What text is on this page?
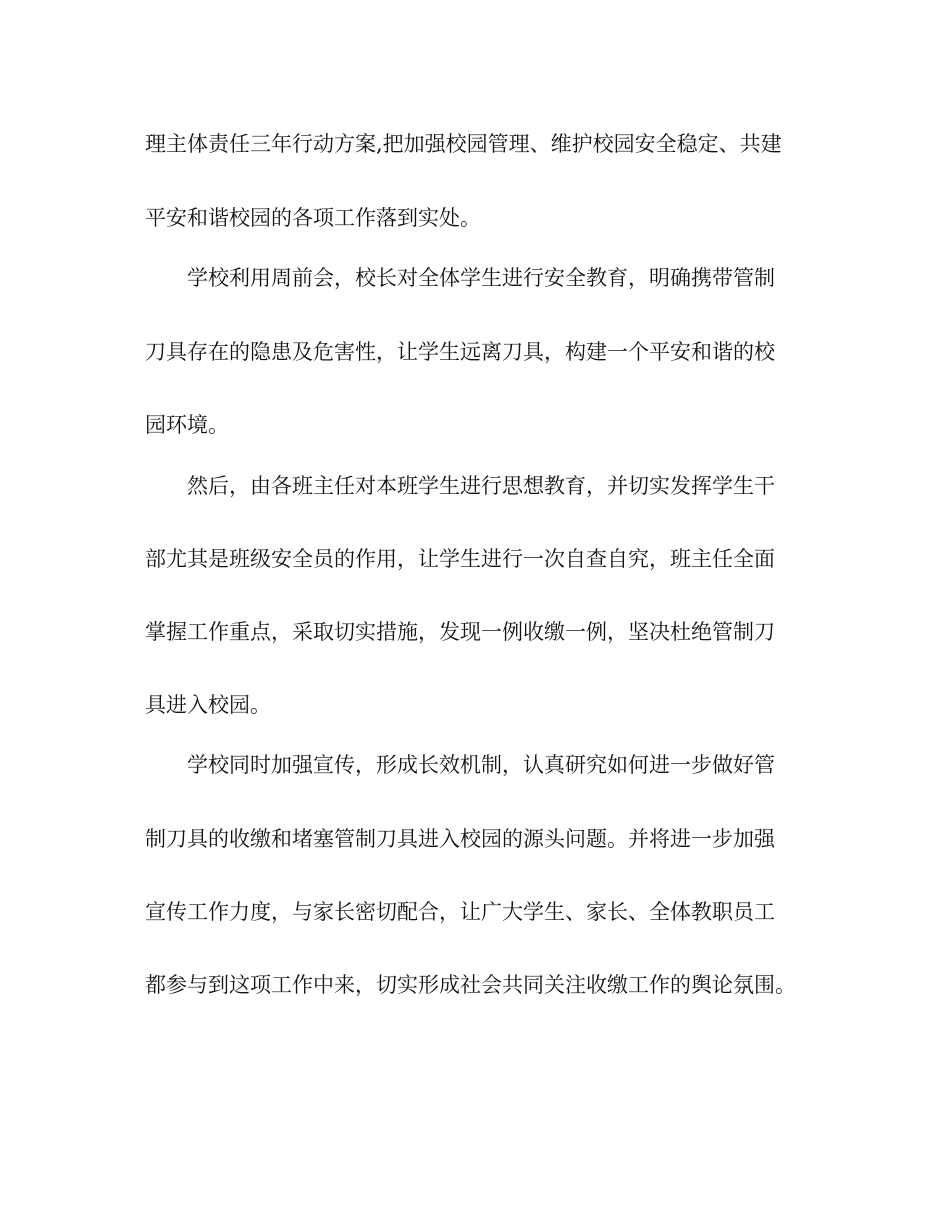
理主体责任三年行动方案,把加强校园管理、维护校园安全稳定、共建
平安和谐校园的各项工作落到实处。
学校利用周前会，校长对全体学生进行安全教育，明确携带管制
刀具存在的隐患及危害性，让学生远离刀具，构建一个平安和谐的校
园环境。
然后，由各班主任对本班学生进行思想教育，并切实发挥学生干
部尤其是班级安全员的作用，让学生进行一次自查自究，班主任全面
掌握工作重点，采取切实措施，发现一例收缴一例，坚决杜绝管制刀
具进入校园。
学校同时加强宣传，形成长效机制，认真研究如何进一步做好管
制刀具的收缴和堵塞管制刀具进入校园的源头问题。并将进一步加强
宣传工作力度，与家长密切配合，让广大学生、家长、全体教职员工
都参与到这项工作中来，切实形成社会共同关注收缴工作的舆论氛围。
